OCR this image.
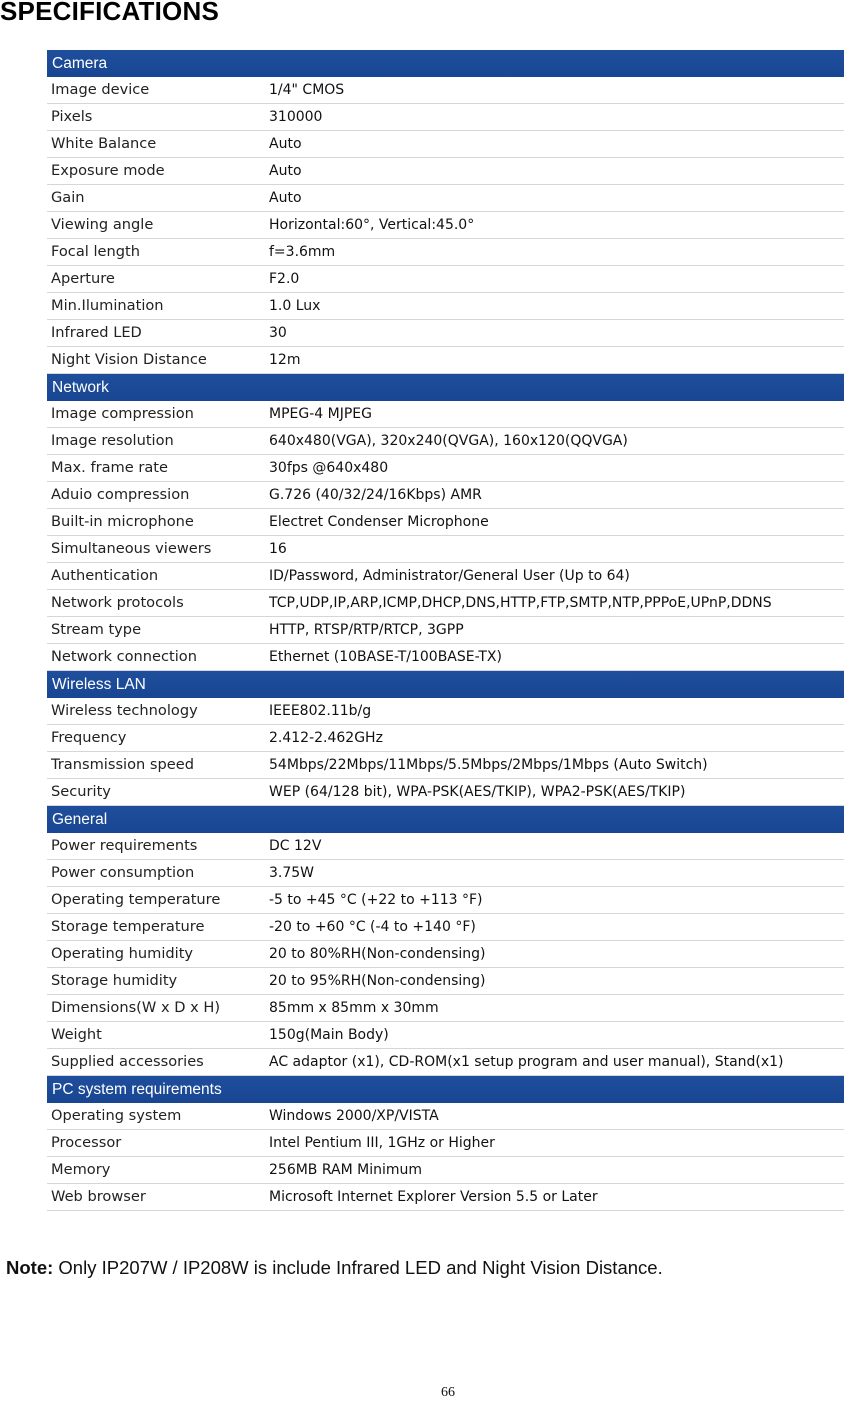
SPECIFICATIONS
Camera
Image device	1/4" CMOS
Pixels	310000
White Balance	Auto
Exposure mode	Auto
Gain	Auto
Viewing angle	Horizontal:60°, Vertical:45.0°
Focal length	f=3.6mm
Aperture	F2.0
Min.Ilumination	1.0 Lux
Infrared LED	30
Night Vision Distance	12m
Network
Image compression	MPEG-4 MJPEG
Image resolution	640x480(VGA), 320x240(QVGA), 160x120(QQVGA)
Max. frame rate	30fps @640x480
Aduio compression	G.726 (40/32/24/16Kbps) AMR
Built-in microphone	Electret Condenser Microphone
Simultaneous viewers	16
Authentication	ID/Password, Administrator/General User (Up to 64)
Network protocols	TCP,UDP,IP,ARP,ICMP,DHCP,DNS,HTTP,FTP,SMTP,NTP,PPPoE,UPnP,DDNS
Stream type	HTTP, RTSP/RTP/RTCP, 3GPP
Network connection	Ethernet (10BASE-T/100BASE-TX)
Wireless LAN
Wireless technology	IEEE802.11b/g
Frequency	2.412-2.462GHz
Transmission speed	54Mbps/22Mbps/11Mbps/5.5Mbps/2Mbps/1Mbps (Auto Switch)
Security	WEP (64/128 bit), WPA-PSK(AES/TKIP), WPA2-PSK(AES/TKIP)
General
Power requirements	DC 12V
Power consumption	3.75W
Operating temperature	-5 to +45 °C (+22 to +113 °F)
Storage temperature	-20 to +60 °C (-4 to +140 °F)
Operating humidity	20 to 80%RH(Non-condensing)
Storage humidity	20 to 95%RH(Non-condensing)
Dimensions(W x D x H)	85mm x 85mm x 30mm
Weight	150g(Main Body)
Supplied accessories	AC adaptor (x1), CD-ROM(x1 setup program and user manual), Stand(x1)
PC system requirements
Operating system	Windows 2000/XP/VISTA
Processor	Intel Pentium III, 1GHz or Higher
Memory	256MB RAM Minimum
Web browser	Microsoft Internet Explorer Version 5.5 or Later

Note: Only IP207W / IP208W is include Infrared LED and Night Vision Distance.

66
